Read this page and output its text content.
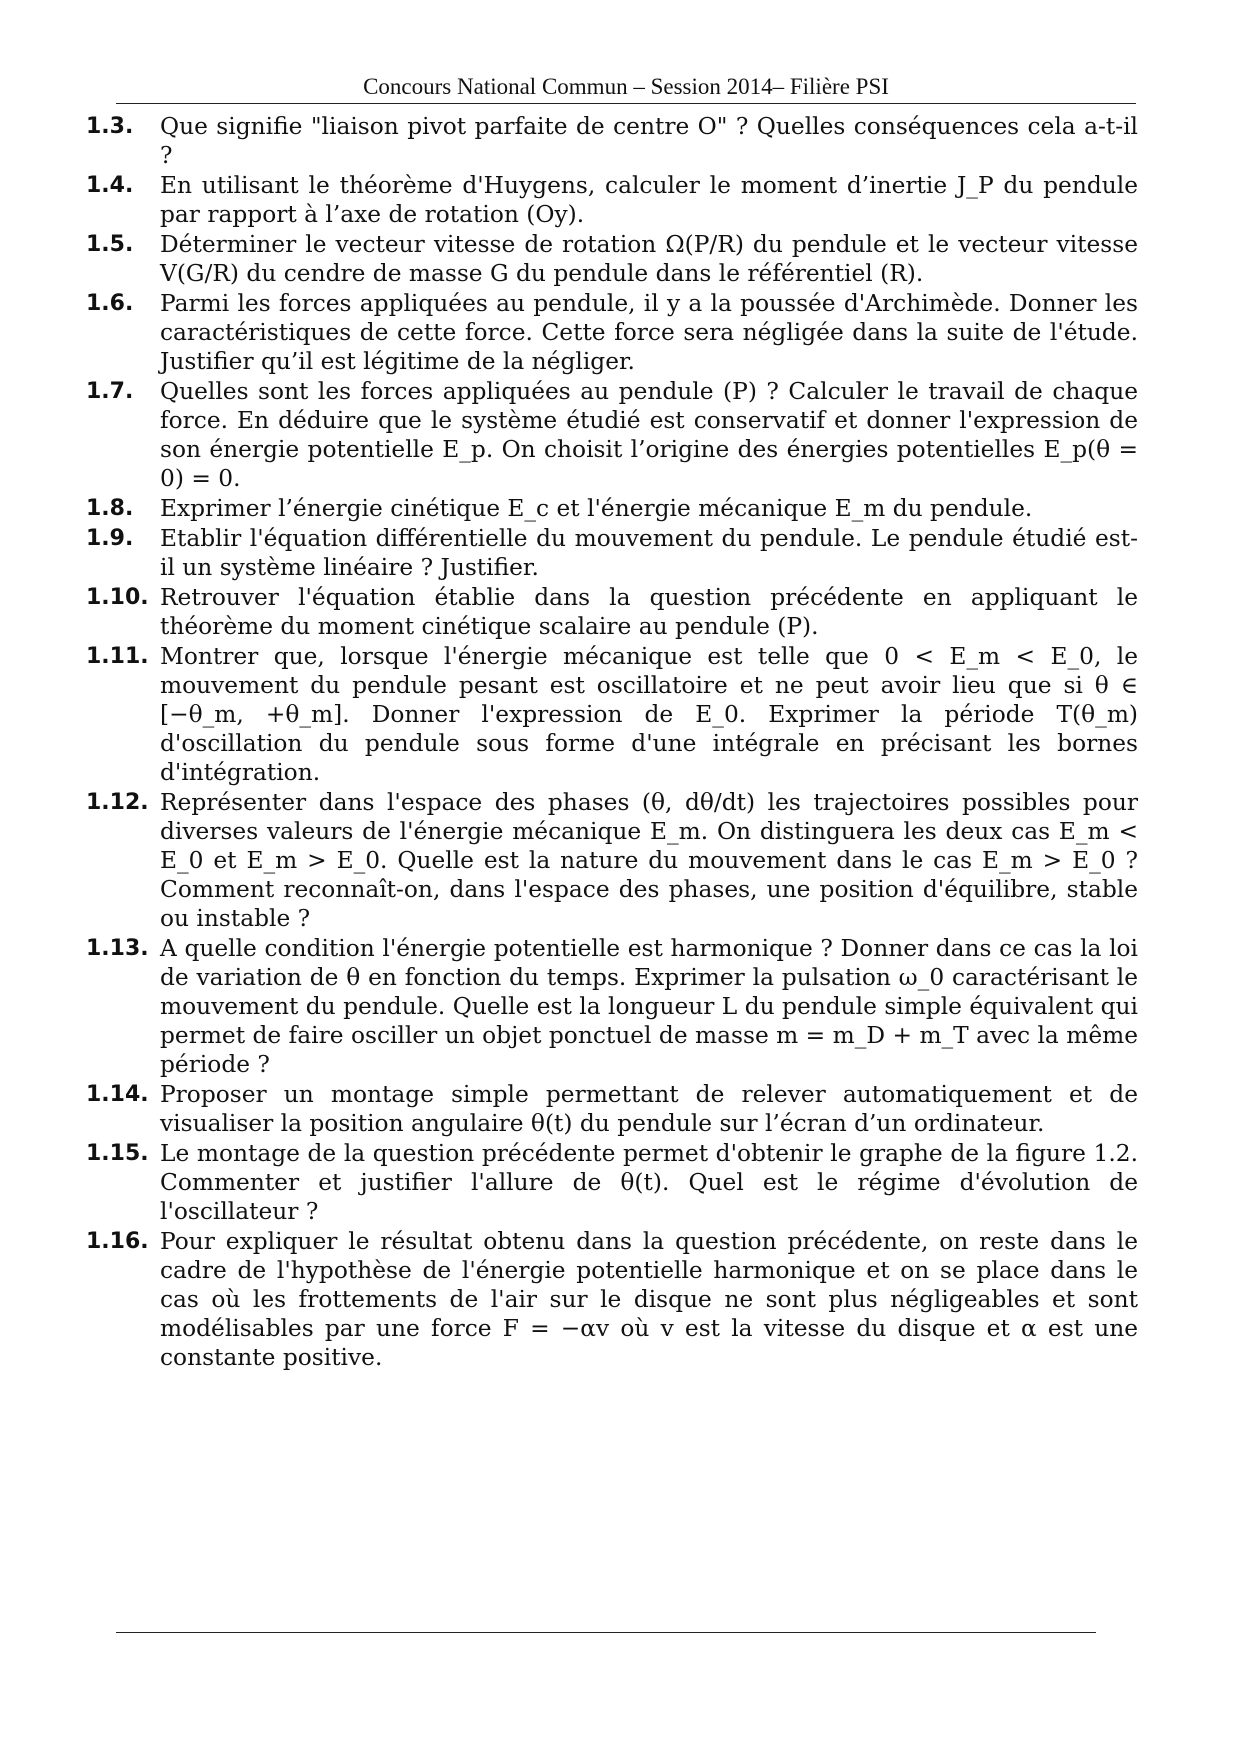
Concours National Commun – Session 2014– Filière PSI
1.3.	Que signifie "liaison pivot parfaite de centre O" ? Quelles conséquences cela a-t-il ?
1.4.	En utilisant le théorème d'Huygens, calculer le moment d’inertie J_P du pendule par rapport à l’axe de rotation (Oy).
1.5.	Déterminer le vecteur vitesse de rotation Ω(P/R) du pendule et le vecteur vitesse V(G/R) du cendre de masse G du pendule dans le référentiel (R).
1.6.	Parmi les forces appliquées au pendule, il y a la poussée d'Archimède. Donner les caractéristiques de cette force. Cette force sera négligée dans la suite de l'étude. Justifier qu’il est légitime de la négliger.
1.7.	Quelles sont les forces appliquées au pendule (P) ? Calculer le travail de chaque force. En déduire que le système étudié est conservatif et donner l'expression de son énergie potentielle E_p. On choisit l’origine des énergies potentielles E_p(θ = 0) = 0.
1.8.	Exprimer l’énergie cinétique E_c et l'énergie mécanique E_m du pendule.
1.9.	Etablir l'équation différentielle du mouvement du pendule. Le pendule étudié est-il un système linéaire ? Justifier.
1.10. Retrouver l'équation établie dans la question précédente en appliquant le théorème du moment cinétique scalaire au pendule (P).
1.11. Montrer que, lorsque l'énergie mécanique est telle que 0 < E_m < E_0, le mouvement du pendule pesant est oscillatoire et ne peut avoir lieu que si θ ∈ [−θ_m, +θ_m]. Donner l'expression de E_0. Exprimer la période T(θ_m) d'oscillation du pendule sous forme d'une intégrale en précisant les bornes d'intégration.
1.12. Représenter dans l'espace des phases (θ, dθ/dt) les trajectoires possibles pour diverses valeurs de l'énergie mécanique E_m. On distinguera les deux cas E_m < E_0 et E_m > E_0. Quelle est la nature du mouvement dans le cas E_m > E_0 ? Comment reconnaît-on, dans l'espace des phases, une position d'équilibre, stable ou instable ?
1.13. A quelle condition l'énergie potentielle est harmonique ? Donner dans ce cas la loi de variation de θ en fonction du temps. Exprimer la pulsation ω_0 caractérisant le mouvement du pendule. Quelle est la longueur L du pendule simple équivalent qui permet de faire osciller un objet ponctuel de masse m = m_D + m_T avec la même période ?
1.14. Proposer un montage simple permettant de relever automatiquement et de visualiser la position angulaire θ(t) du pendule sur l’écran d’un ordinateur.
1.15. Le montage de la question précédente permet d'obtenir le graphe de la figure 1.2. Commenter et justifier l'allure de θ(t). Quel est le régime d'évolution de l'oscillateur ?
1.16. Pour expliquer le résultat obtenu dans la question précédente, on reste dans le cadre de l'hypothèse de l'énergie potentielle harmonique et on se place dans le cas où les frottements de l'air sur le disque ne sont plus négligeables et sont modélisables par une force F = −αv où v est la vitesse du disque et α est une constante positive.
